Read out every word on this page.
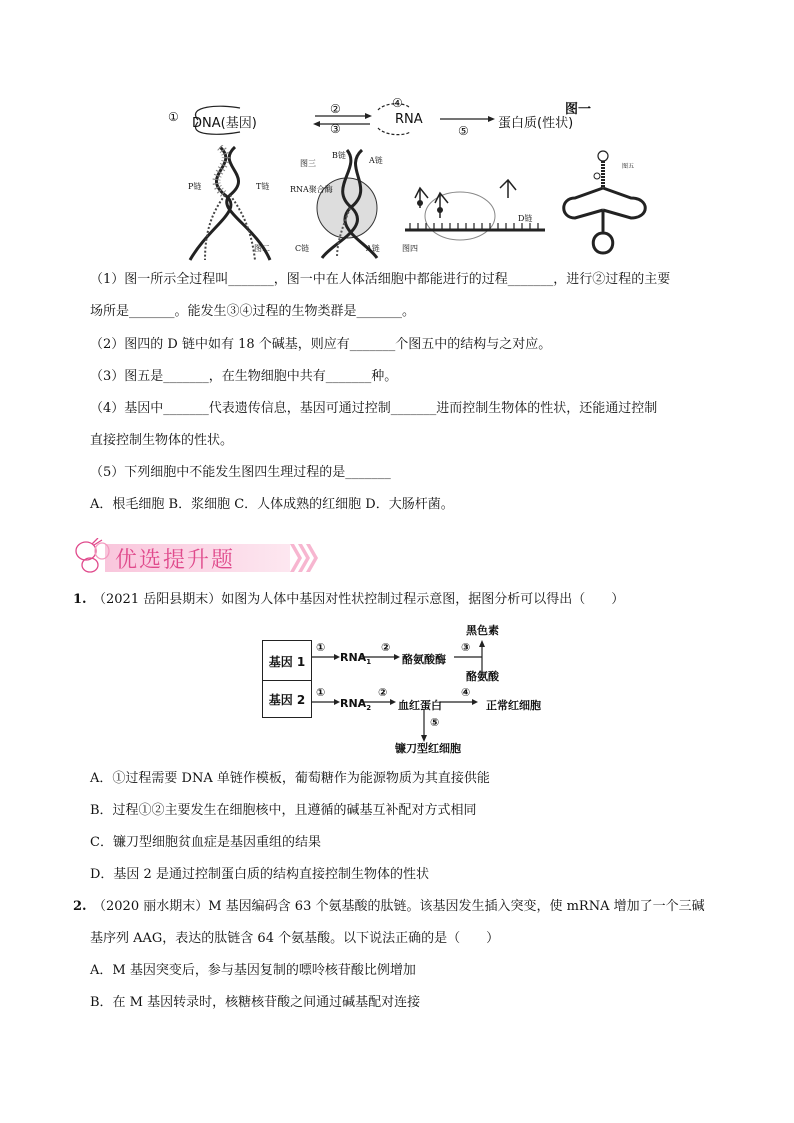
① DNA(基因)
②
③
④
RNA
⑤ 蛋白质(性状)
图一
P链	T链
图二
图三
B链
A链
RNA聚合酶
C链	A链
D链
图四
图五
（1）图一所示全过程叫_______，图一中在人体活细胞中都能进行的过程_______，进行②过程的主要
场所是_______。能发生③④过程的生物类群是_______。
（2）图四的 D 链中如有 18 个碱基，则应有_______个图五中的结构与之对应。
（3）图五是_______，在生物细胞中共有_______种。
（4）基因中_______代表遗传信息，基因可通过控制_______进而控制生物体的性状，还能通过控制
直接控制生物体的性状。
（5）下列细胞中不能发生图四生理过程的是_______
A．根毛细胞 B．浆细胞 C．人体成熟的红细胞 D．大肠杆菌。
优选提升题
1. （2021 岳阳县期末）如图为人体中基因对性状控制过程示意图，据图分析可以得出（　　）
基因 1
基因 2
①
$RNA_1$
②
酪氨酸酶
黑色素
③
酪氨酸
①
$RNA_2$
②
血红蛋白
④
正常红细胞
⑤
镰刀型红细胞
A．①过程需要 DNA 单链作模板，葡萄糖作为能源物质为其直接供能
B．过程①②主要发生在细胞核中，且遵循的碱基互补配对方式相同
C．镰刀型细胞贫血症是基因重组的结果
D．基因 2 是通过控制蛋白质的结构直接控制生物体的性状
2. （2020 丽水期末）M 基因编码含 63 个氨基酸的肽链。该基因发生插入突变，使 mRNA 增加了一个三碱
基序列 AAG，表达的肽链含 64 个氨基酸。以下说法正确的是（　　）
A．M 基因突变后，参与基因复制的嘌呤核苷酸比例增加
B．在 M 基因转录时，核糖核苷酸之间通过碱基配对连接
